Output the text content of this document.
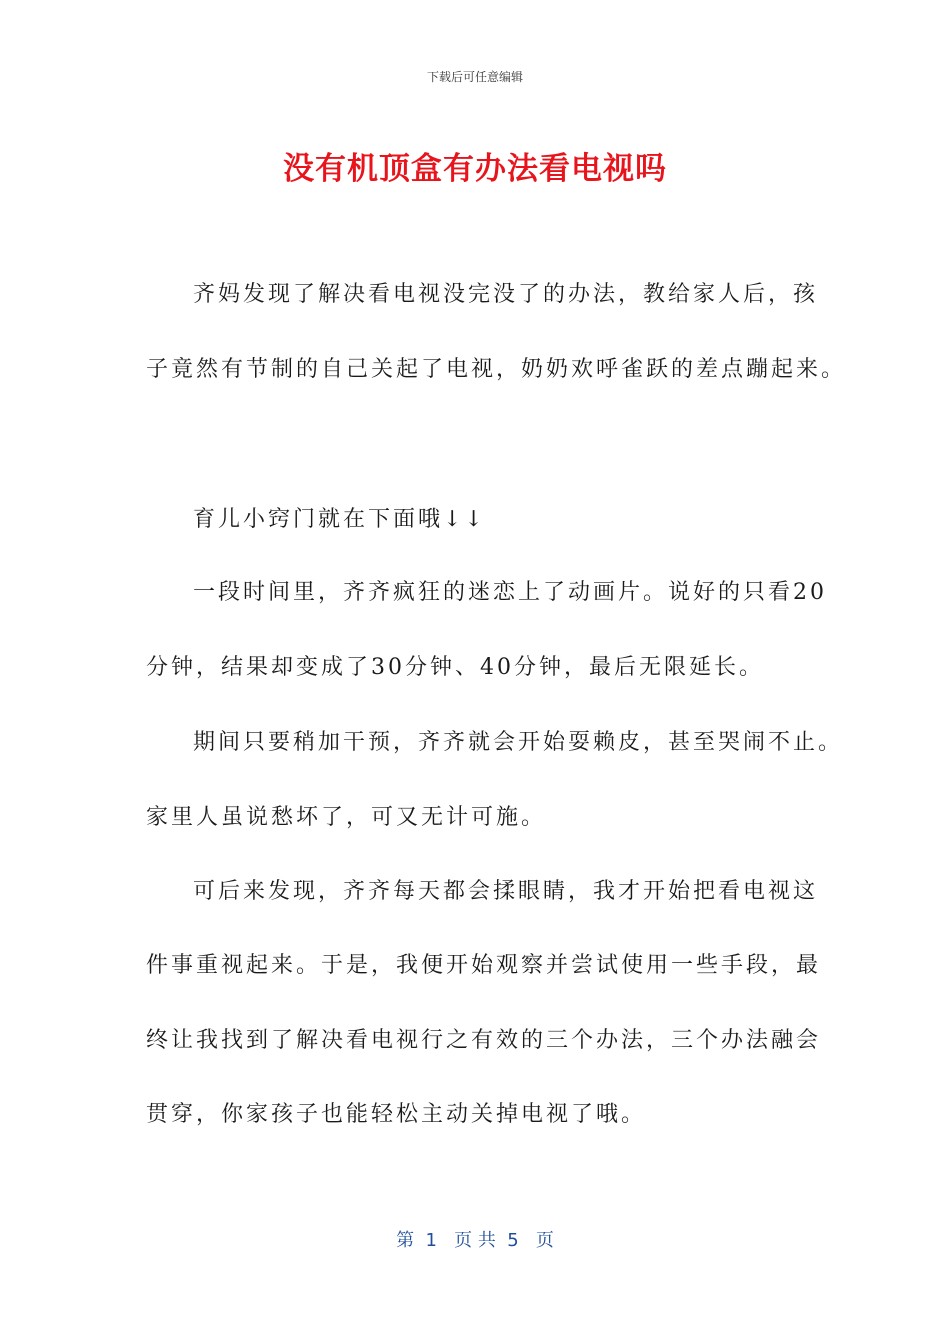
下载后可任意编辑
没有机顶盒有办法看电视吗
齐妈发现了解决看电视没完没了的办法，教给家人后，孩
子竟然有节制的自己关起了电视，奶奶欢呼雀跃的差点蹦起来。
育儿小窍门就在下面哦↓↓
一段时间里，齐齐疯狂的迷恋上了动画片。说好的只看20
分钟，结果却变成了30分钟、40分钟，最后无限延长。
期间只要稍加干预，齐齐就会开始耍赖皮，甚至哭闹不止。
家里人虽说愁坏了，可又无计可施。
可后来发现，齐齐每天都会揉眼睛，我才开始把看电视这
件事重视起来。于是，我便开始观察并尝试使用一些手段，最
终让我找到了解决看电视行之有效的三个办法，三个办法融会
贯穿，你家孩子也能轻松主动关掉电视了哦。
第  1   页 共  5   页
